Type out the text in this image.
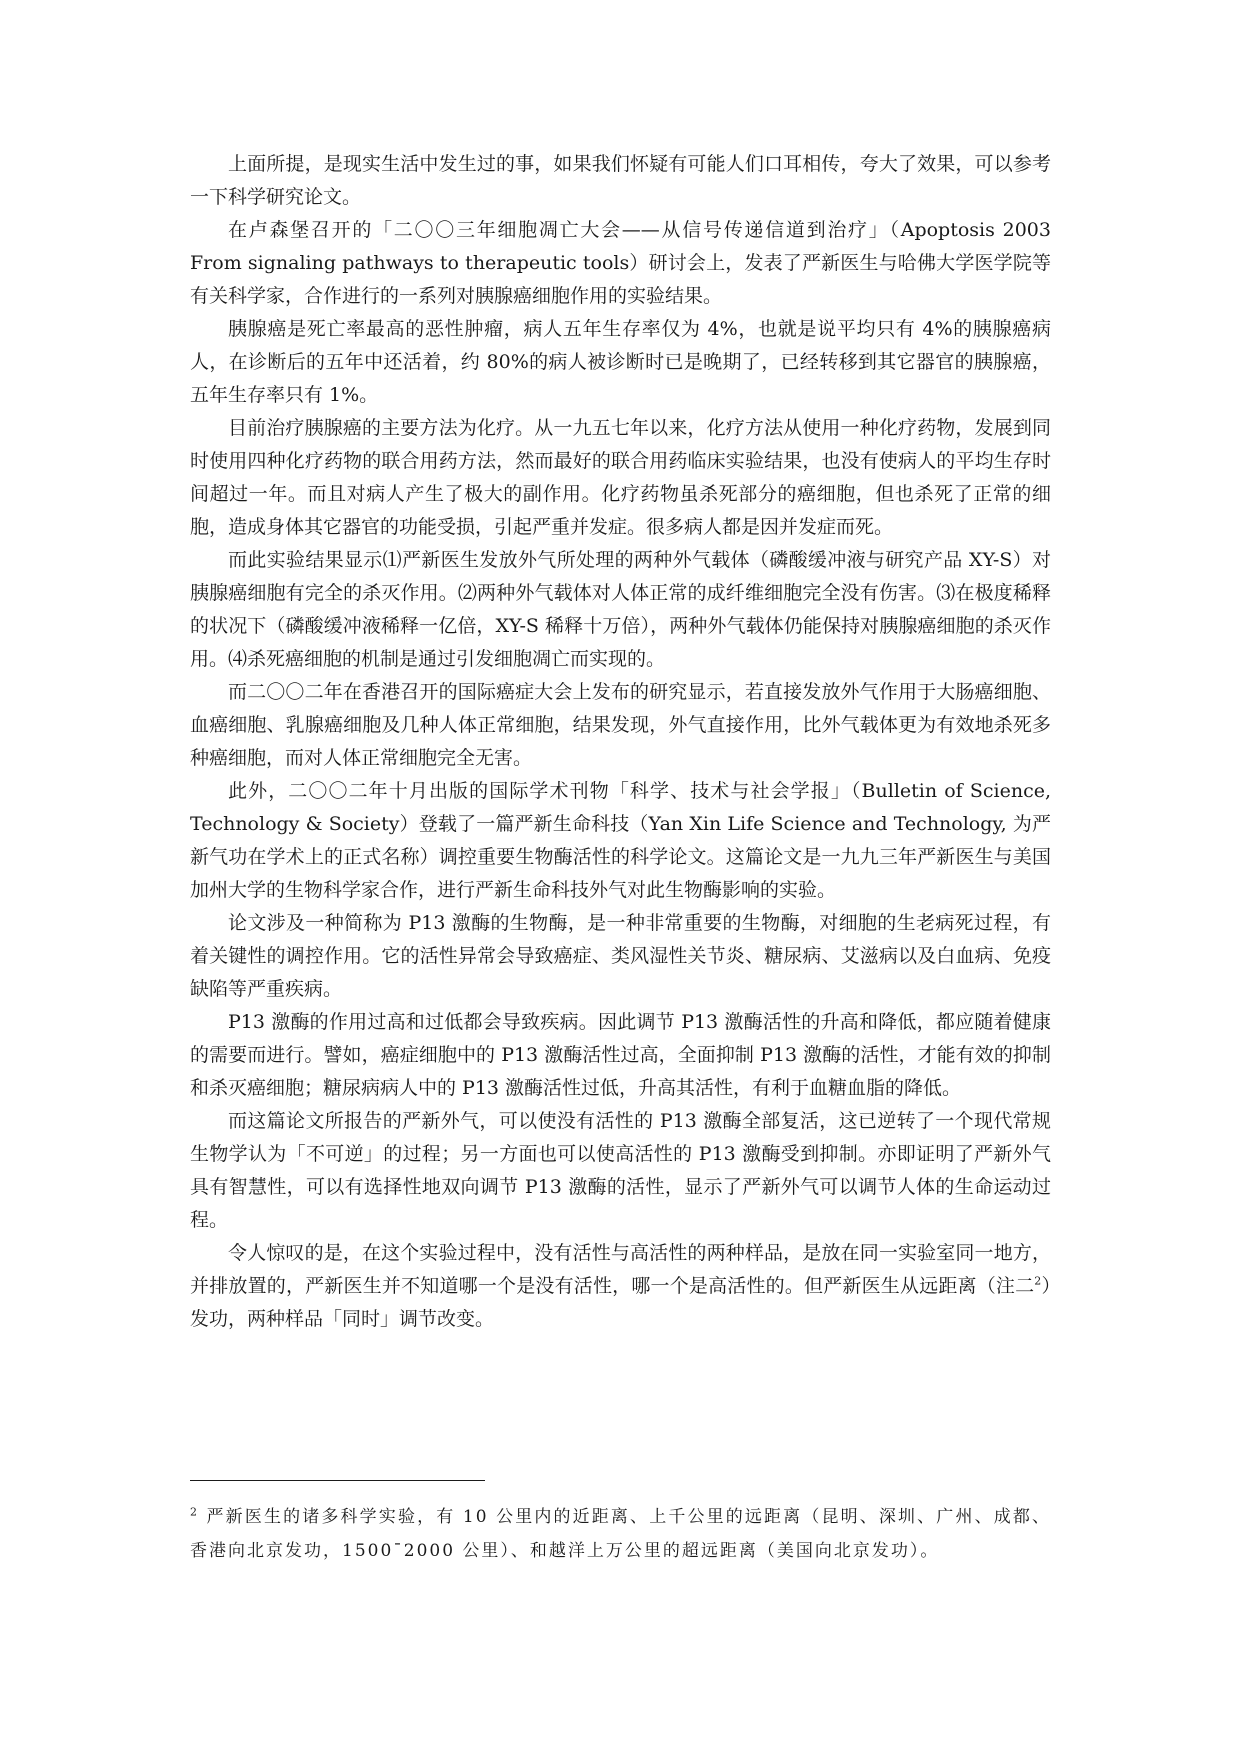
上面所提，是现实生活中发生过的事，如果我们怀疑有可能人们口耳相传，夸大了效果，可以参考一下科学研究论文。

在卢森堡召开的「二〇〇三年细胞凋亡大会——从信号传递信道到治疗」（Apoptosis 2003 From signaling pathways to therapeutic tools）研讨会上，发表了严新医生与哈佛大学医学院等有关科学家，合作进行的一系列对胰腺癌细胞作用的实验结果。

胰腺癌是死亡率最高的恶性肿瘤，病人五年生存率仅为 4%，也就是说平均只有 4%的胰腺癌病人，在诊断后的五年中还活着，约 80%的病人被诊断时已是晚期了，已经转移到其它器官的胰腺癌，五年生存率只有 1%。

目前治疗胰腺癌的主要方法为化疗。从一九五七年以来，化疗方法从使用一种化疗药物，发展到同时使用四种化疗药物的联合用药方法，然而最好的联合用药临床实验结果，也没有使病人的平均生存时间超过一年。而且对病人产生了极大的副作用。化疗药物虽杀死部分的癌细胞，但也杀死了正常的细胞，造成身体其它器官的功能受损，引起严重并发症。很多病人都是因并发症而死。

而此实验结果显示⑴严新医生发放外气所处理的两种外气载体（磷酸缓冲液与研究产品 XY-S）对胰腺癌细胞有完全的杀灭作用。⑵两种外气载体对人体正常的成纤维细胞完全没有伤害。⑶在极度稀释的状况下（磷酸缓冲液稀释一亿倍，XY-S 稀释十万倍），两种外气载体仍能保持对胰腺癌细胞的杀灭作用。⑷杀死癌细胞的机制是通过引发细胞凋亡而实现的。

而二〇〇二年在香港召开的国际癌症大会上发布的研究显示，若直接发放外气作用于大肠癌细胞、血癌细胞、乳腺癌细胞及几种人体正常细胞，结果发现，外气直接作用，比外气载体更为有效地杀死多种癌细胞，而对人体正常细胞完全无害。

此外，二〇〇二年十月出版的国际学术刊物「科学、技术与社会学报」（Bulletin of Science, Technology & Society）登载了一篇严新生命科技（Yan Xin Life Science and Technology, 为严新气功在学术上的正式名称）调控重要生物酶活性的科学论文。这篇论文是一九九三年严新医生与美国加州大学的生物科学家合作，进行严新生命科技外气对此生物酶影响的实验。

论文涉及一种简称为 P13 激酶的生物酶，是一种非常重要的生物酶，对细胞的生老病死过程，有着关键性的调控作用。它的活性异常会导致癌症、类风湿性关节炎、糖尿病、艾滋病以及白血病、免疫缺陷等严重疾病。

P13 激酶的作用过高和过低都会导致疾病。因此调节 P13 激酶活性的升高和降低，都应随着健康的需要而进行。譬如，癌症细胞中的 P13 激酶活性过高，全面抑制 P13 激酶的活性，才能有效的抑制和杀灭癌细胞；糖尿病病人中的 P13 激酶活性过低，升高其活性，有利于血糖血脂的降低。

而这篇论文所报告的严新外气，可以使没有活性的 P13 激酶全部复活，这已逆转了一个现代常规生物学认为「不可逆」的过程；另一方面也可以使高活性的 P13 激酶受到抑制。亦即证明了严新外气具有智慧性，可以有选择性地双向调节 P13 激酶的活性，显示了严新外气可以调节人体的生命运动过程。

令人惊叹的是，在这个实验过程中，没有活性与高活性的两种样品，是放在同一实验室同一地方，并排放置的，严新医生并不知道哪一个是没有活性，哪一个是高活性的。但严新医生从远距离（注二$^2$）发功，两种样品「同时」调节改变。

$^2$ 严新医生的诸多科学实验，有 10 公里内的近距离、上千公里的远距离（昆明、深圳、广州、成都、香港向北京发功，1500¯2000 公里）、和越洋上万公里的超远距离（美国向北京发功）。
